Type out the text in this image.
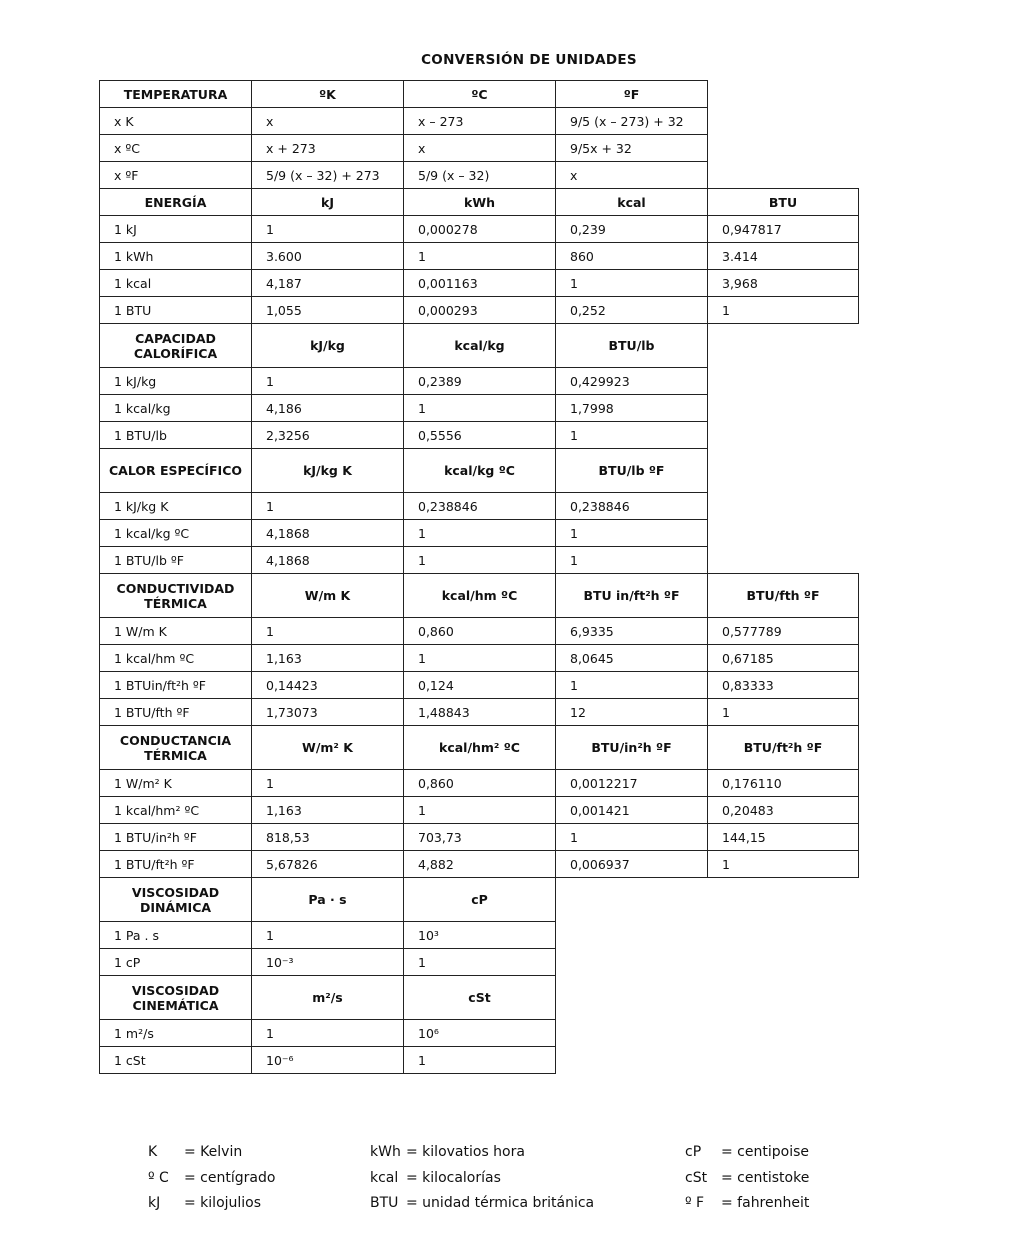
CONVERSIÓN DE UNIDADES
TEMPERATURA	ºK	ºC	ºF	
x K	x	x – 273	9/5 (x – 273) + 32	
x ºC	x + 273	x	9/5x + 32	
x ºF	5/9 (x – 32) + 273	5/9 (x – 32)	x	
ENERGÍA	kJ	kWh	kcal	BTU
1 kJ	1	0,000278	0,239	0,947817
1 kWh	3.600	1	860	3.414
1 kcal	4,187	0,001163	1	3,968
1 BTU	1,055	0,000293	0,252	1
CAPACIDAD CALORÍFICA	kJ/kg	kcal/kg	BTU/lb	
1 kJ/kg	1	0,2389	0,429923	
1 kcal/kg	4,186	1	1,7998	
1 BTU/lb	2,3256	0,5556	1	
CALOR ESPECÍFICO	kJ/kg K	kcal/kg ºC	BTU/lb ºF	
1 kJ/kg K	1	0,238846	0,238846	
1 kcal/kg ºC	4,1868	1	1	
1 BTU/lb ºF	4,1868	1	1	
CONDUCTIVIDAD TÉRMICA	W/m K	kcal/hm ºC	BTU in/ft²h ºF	BTU/fth ºF
1 W/m K	1	0,860	6,9335	0,577789
1 kcal/hm ºC	1,163	1	8,0645	0,67185
1 BTUin/ft²h ºF	0,14423	0,124	1	0,83333
1 BTU/fth ºF	1,73073	1,48843	12	1
CONDUCTANCIA TÉRMICA	W/m² K	kcal/hm² ºC	BTU/in²h ºF	BTU/ft²h ºF
1 W/m² K	1	0,860	0,0012217	0,176110
1 kcal/hm² ºC	1,163	1	0,001421	0,20483
1 BTU/in²h ºF	818,53	703,73	1	144,15
1 BTU/ft²h ºF	5,67826	4,882	0,006937	1
VISCOSIDAD DINÁMICA	Pa · s	cP		
1 Pa . s	1	10³		
1 cP	10⁻³	1		
VISCOSIDAD CINEMÁTICA	m²/s	cSt		
1 m²/s	1	10⁶		
1 cSt	10⁻⁶	1		
K = Kelvin	kWh = kilovatios hora	cP = centipoise
º C = centígrado	kcal = kilocalorías	cSt = centistoke
kJ = kilojulios	BTU = unidad térmica británica	º F = fahrenheit
